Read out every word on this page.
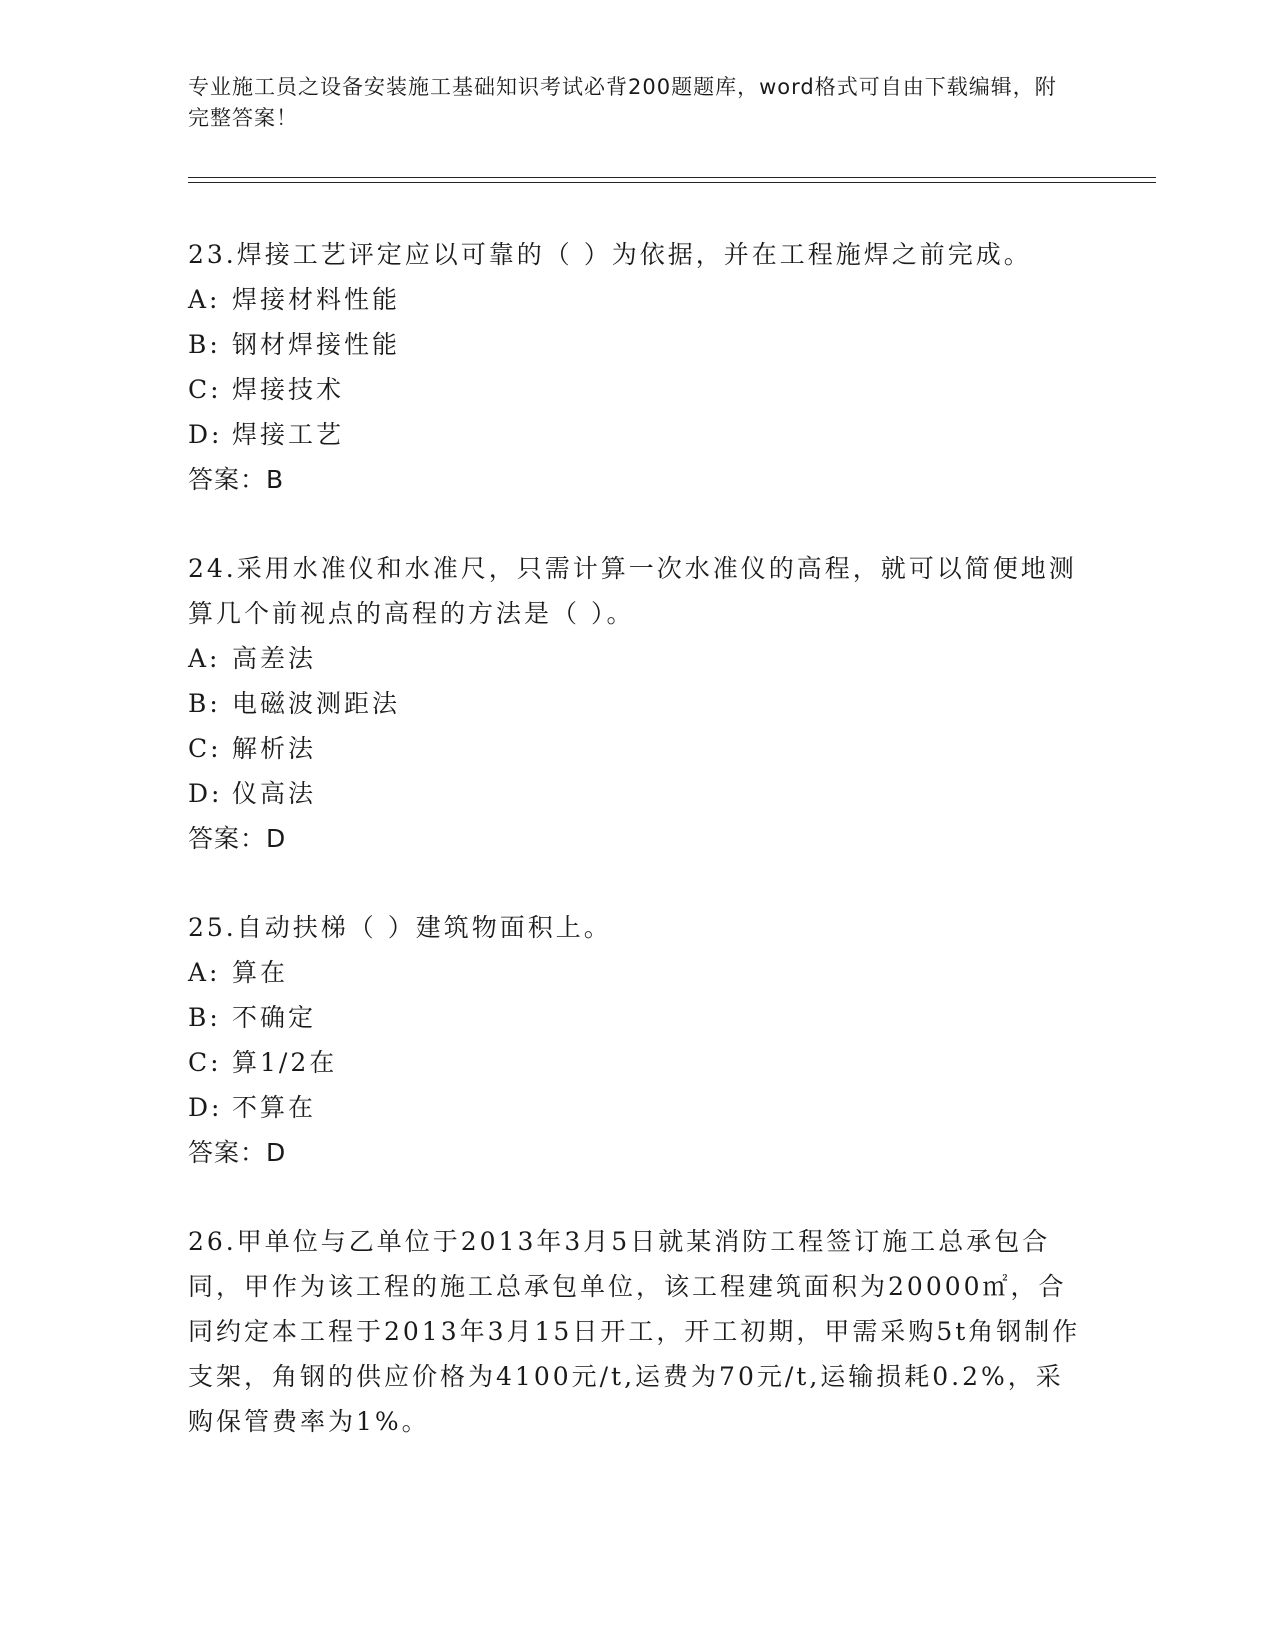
专业施工员之设备安装施工基础知识考试必背200题题库，word格式可自由下载编辑，附完整答案！

23.焊接工艺评定应以可靠的（ ）为依据，并在工程施焊之前完成。

A: 焊接材料性能
B: 钢材焊接性能
C: 焊接技术
D: 焊接工艺

答案：B

24.采用水准仪和水准尺，只需计算一次水准仪的高程，就可以简便地测算几个前视点的高程的方法是（ ）。

A: 高差法
B: 电磁波测距法
C: 解析法
D: 仪高法

答案：D

25.自动扶梯（ ）建筑物面积上。

A: 算在
B: 不确定
C: 算1/2在
D: 不算在

答案：D

26.甲单位与乙单位于2013年3月5日就某消防工程签订施工总承包合同，甲作为该工程的施工总承包单位，该工程建筑面积为20000㎡，合同约定本工程于2013年3月15日开工，开工初期，甲需采购5t角钢制作支架，角钢的供应价格为4100元/t,运费为70元/t,运输损耗0.2%，采购保管费率为1%。
